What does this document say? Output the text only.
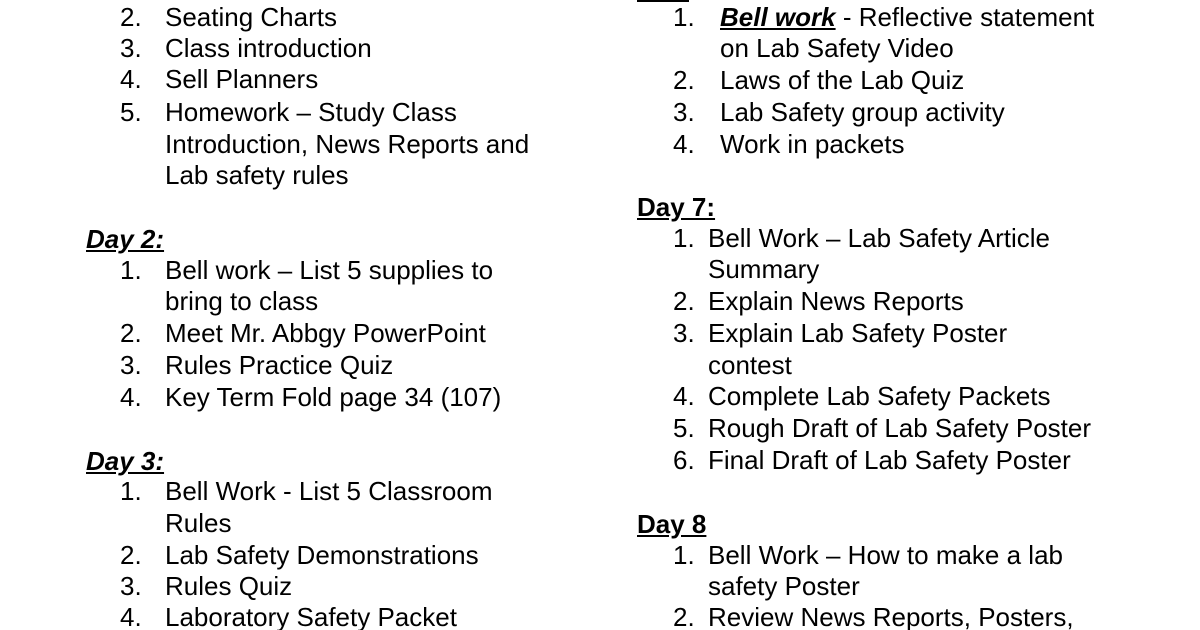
2. Seating Charts
3. Class introduction
4. Sell Planners
5. Homework – Study Class
Introduction, News Reports and
Lab safety rules
Day 2:
1. Bell work – List 5 supplies to
bring to class
2. Meet Mr. Abbgy PowerPoint
3. Rules Practice Quiz
4. Key Term Fold page 34 (107)
Day 3:
1. Bell Work - List 5 Classroom
Rules
2. Lab Safety Demonstrations
3. Rules Quiz
4. Laboratory Safety Packet
1. Bell work - Reflective statement
on Lab Safety Video
2. Laws of the Lab Quiz
3. Lab Safety group activity
4. Work in packets
Day 7:
1. Bell Work – Lab Safety Article
Summary
2. Explain News Reports
3. Explain Lab Safety Poster
contest
4. Complete Lab Safety Packets
5. Rough Draft of Lab Safety Poster
6. Final Draft of Lab Safety Poster
Day 8
1. Bell Work – How to make a lab
safety Poster
2. Review News Reports, Posters,
